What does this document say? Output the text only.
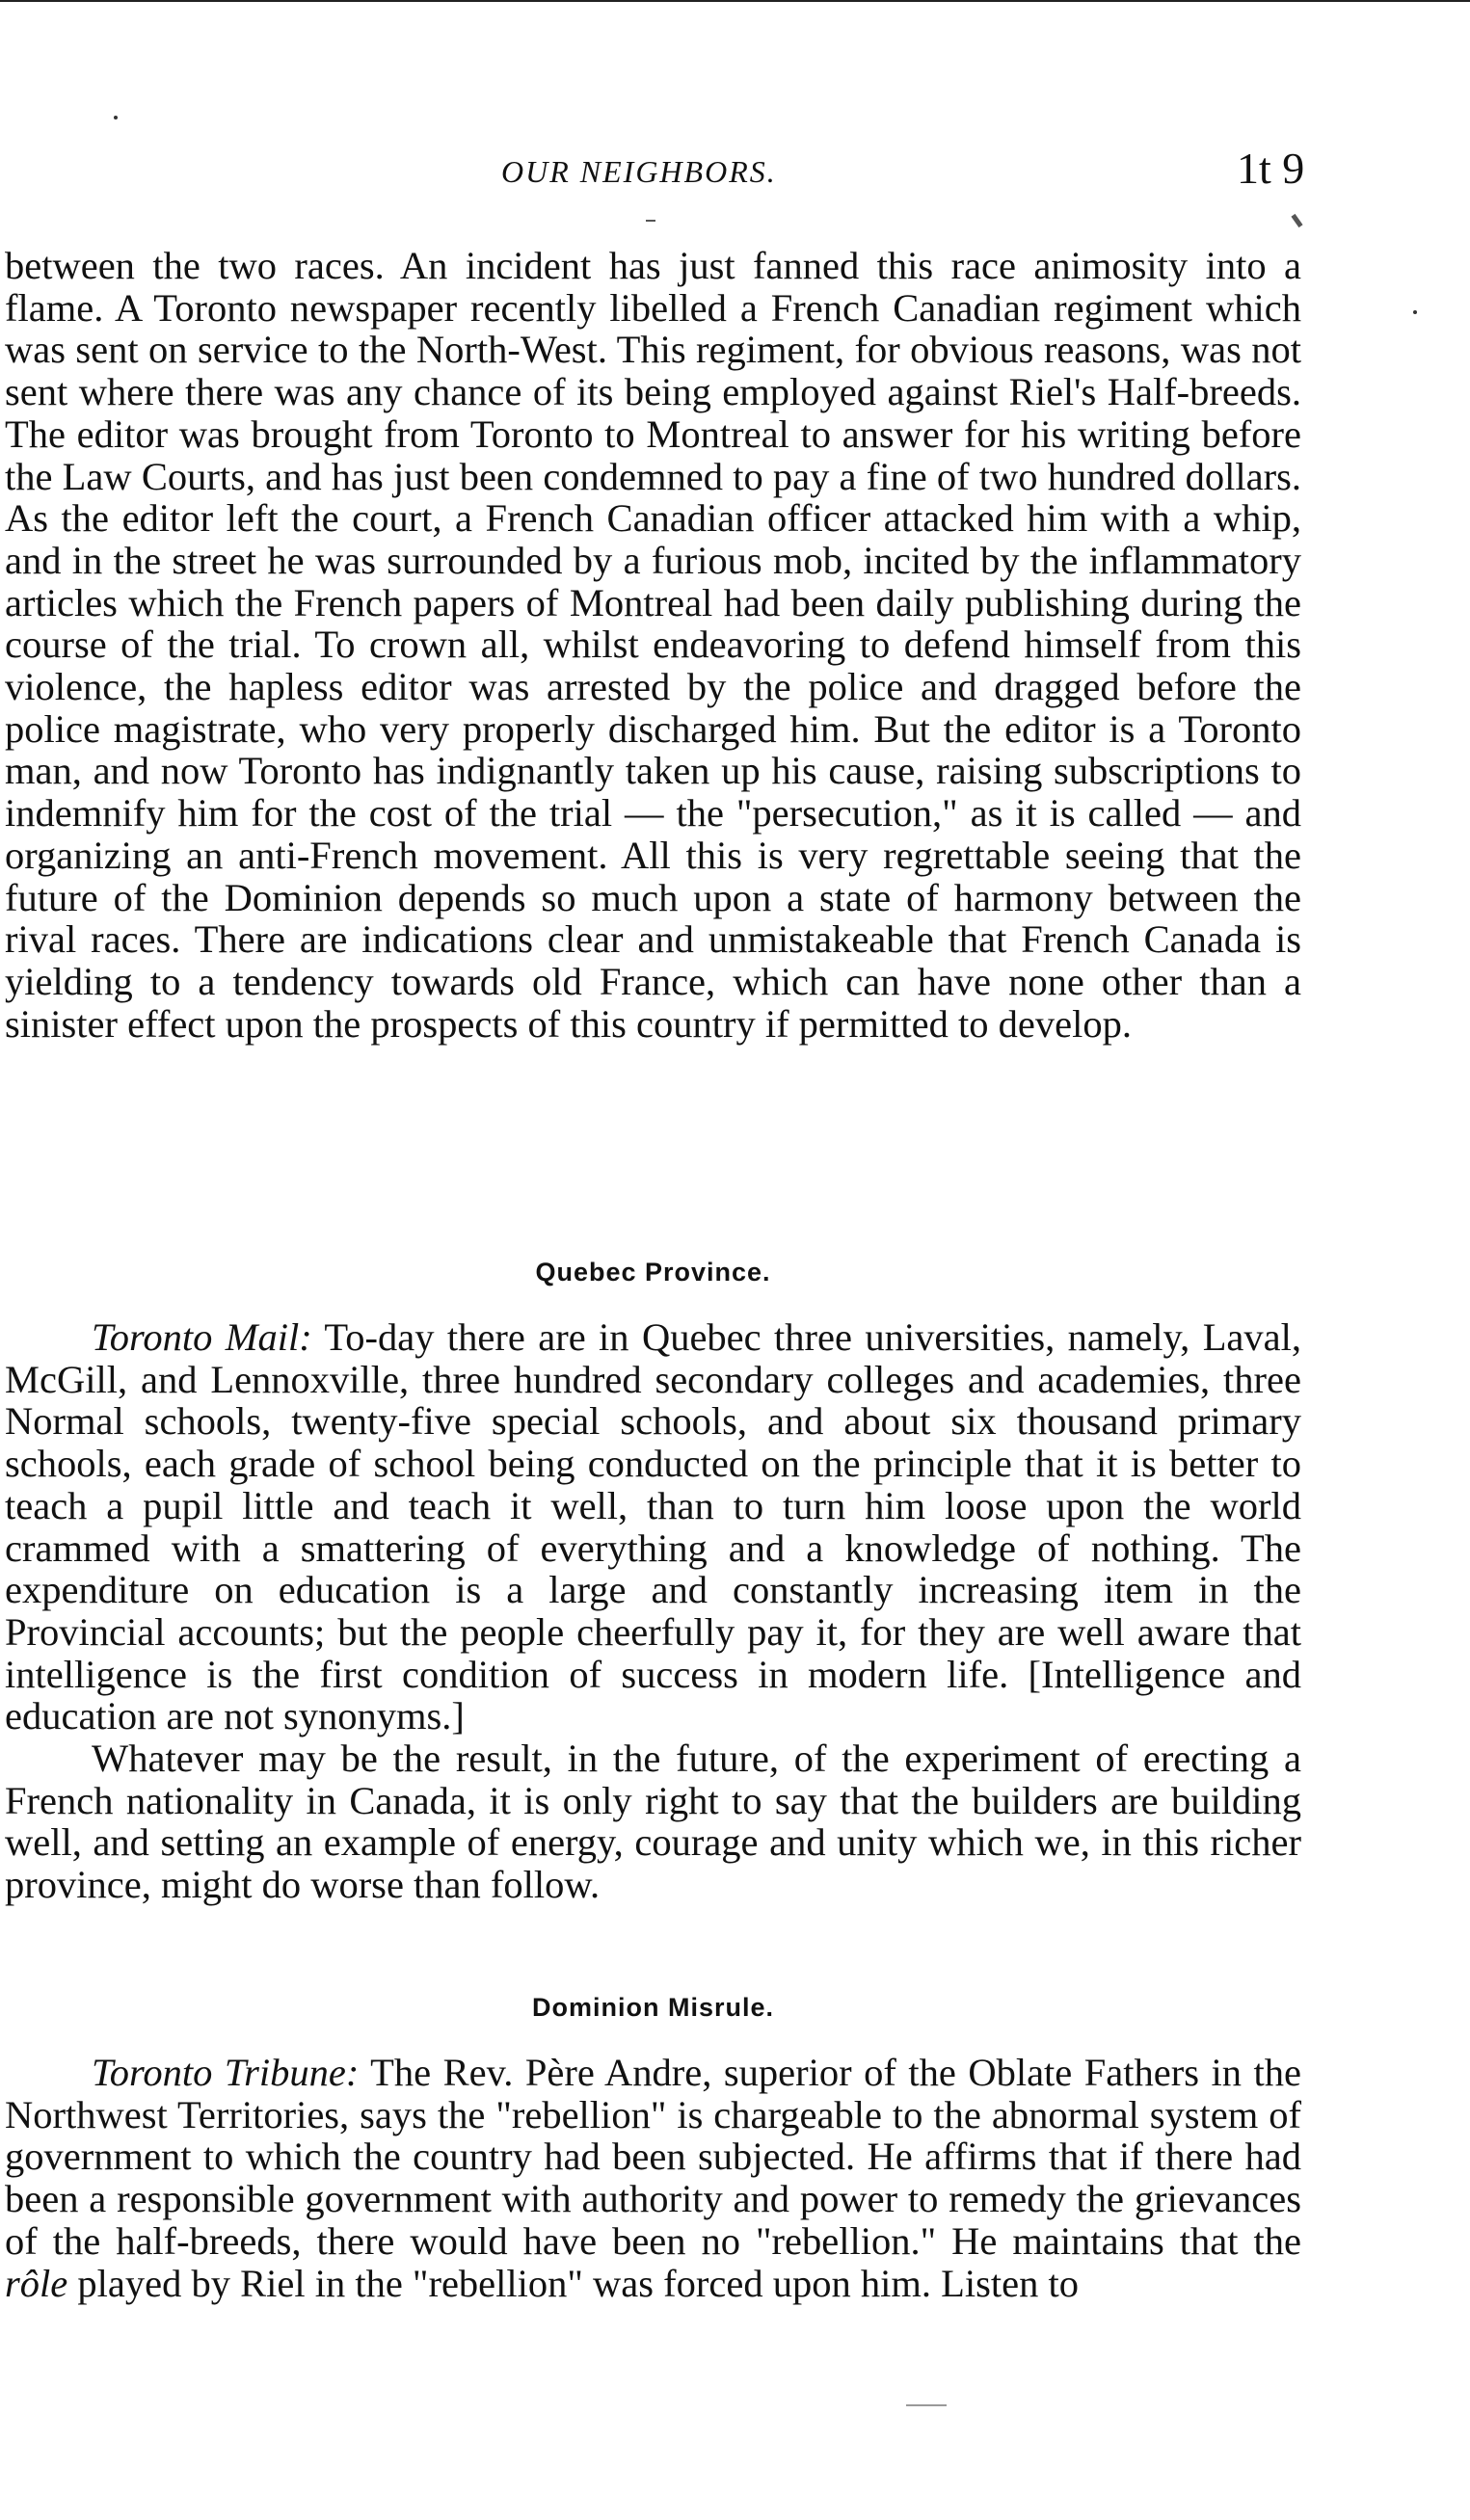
OUR NEIGHBORS.	1t 9

between the two races. An incident has just fanned this race animosity into a flame. A Toronto newspaper recently libelled a French Canadian regiment which was sent on service to the North-West. This regiment, for obvious reasons, was not sent where there was any chance of its being employed against Riel's Half-breeds. The editor was brought from Toronto to Montreal to answer for his writing before the Law Courts, and has just been condemned to pay a fine of two hundred dollars. As the editor left the court, a French Canadian officer attacked him with a whip, and in the street he was surrounded by a furious mob, incited by the inflammatory articles which the French papers of Montreal had been daily publishing during the course of the trial. To crown all, whilst endeavoring to defend himself from this violence, the hapless editor was arrested by the police and dragged before the police magistrate, who very properly discharged him. But the editor is a Toronto man, and now Toronto has indignantly taken up his cause, raising subscriptions to indemnify him for the cost of the trial — the "persecution," as it is called — and organizing an anti-French movement. All this is very regrettable seeing that the future of the Dominion depends so much upon a state of harmony between the rival races. There are indications clear and unmistakeable that French Canada is yielding to a tendency towards old France, which can have none other than a sinister effect upon the prospects of this country if permitted to develop.

Quebec Province.

Toronto Mail: To-day there are in Quebec three universities, namely, Laval, McGill, and Lennoxville, three hundred secondary colleges and academies, three Normal schools, twenty-five special schools, and about six thousand primary schools, each grade of school being conducted on the principle that it is better to teach a pupil little and teach it well, than to turn him loose upon the world crammed with a smattering of everything and a knowledge of nothing. The expenditure on education is a large and constantly increasing item in the Provincial accounts; but the people cheerfully pay it, for they are well aware that intelligence is the first condition of success in modern life. [Intelligence and education are not synonyms.]

Whatever may be the result, in the future, of the experiment of erecting a French nationality in Canada, it is only right to say that the builders are building well, and setting an example of energy, courage and unity which we, in this richer province, might do worse than follow.

Dominion Misrule.

Toronto Tribune: The Rev. Père Andre, superior of the Oblate Fathers in the Northwest Territories, says the "rebellion" is chargeable to the abnormal system of government to which the country had been subjected. He affirms that if there had been a responsible government with authority and power to remedy the grievances of the half-breeds, there would have been no "rebellion." He maintains that the rôle played by Riel in the "rebellion" was forced upon him. Listen to
